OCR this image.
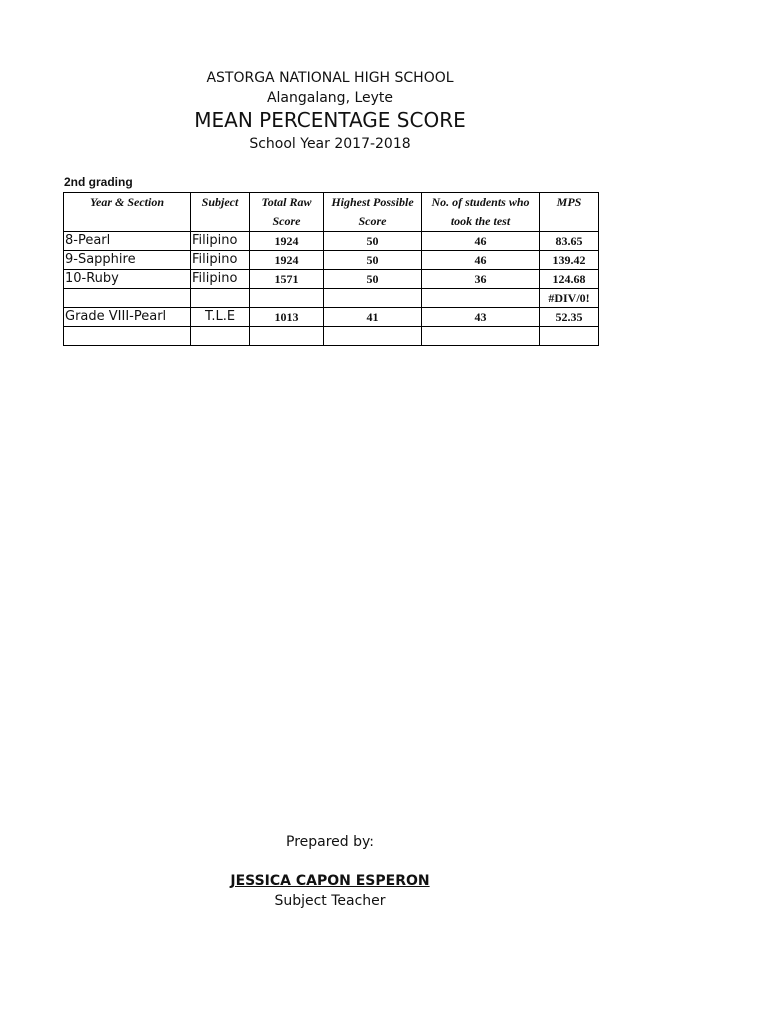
ASTORGA NATIONAL HIGH SCHOOL
Alangalang, Leyte
MEAN PERCENTAGE SCORE
School Year 2017-2018
2nd grading
Year & Section	Subject	Total Raw Score	Highest Possible Score	No. of students who took the test	MPS
8-Pearl	Filipino	1924	50	46	83.65
9-Sapphire	Filipino	1924	50	46	139.42
10-Ruby	Filipino	1571	50	36	124.68
					#DIV/0!
Grade VIII-Pearl	T.L.E	1013	41	43	52.35

Prepared by:
JESSICA CAPON ESPERON
Subject Teacher
